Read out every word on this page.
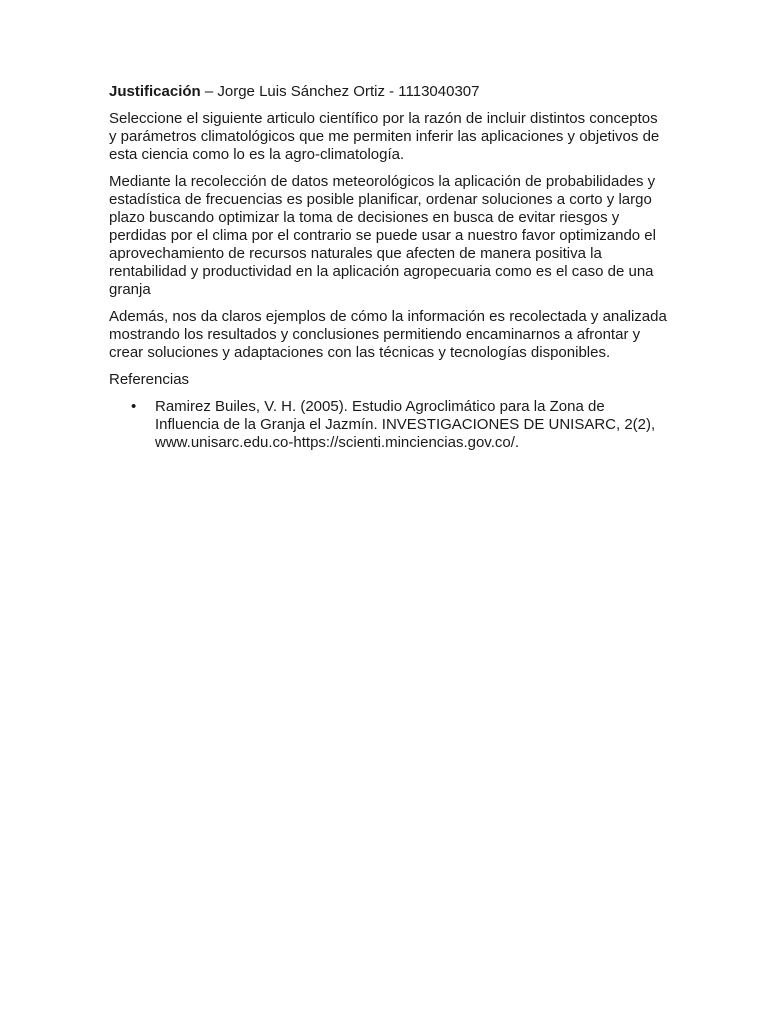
Justificación – Jorge Luis Sánchez Ortiz - 1113040307

Seleccione el siguiente articulo científico por la razón de incluir distintos conceptos y parámetros climatológicos que me permiten inferir las aplicaciones y objetivos de esta ciencia como lo es la agro-climatología.

Mediante la recolección de datos meteorológicos la aplicación de probabilidades y estadística de frecuencias es posible planificar, ordenar soluciones a corto y largo plazo buscando optimizar la toma de decisiones en busca de evitar riesgos y perdidas por el clima por el contrario se puede usar a nuestro favor optimizando el aprovechamiento de recursos naturales que afecten de manera positiva la rentabilidad y productividad en la aplicación agropecuaria como es el caso de una granja

Además, nos da claros ejemplos de cómo la información es recolectada y analizada mostrando los resultados y conclusiones permitiendo encaminarnos a afrontar y crear soluciones y adaptaciones con las técnicas y tecnologías disponibles.

Referencias

• Ramirez Builes, V. H. (2005). Estudio Agroclimático para la Zona de Influencia de la Granja el Jazmín. INVESTIGACIONES DE UNISARC, 2(2), www.unisarc.edu.co-https://scienti.minciencias.gov.co/.
